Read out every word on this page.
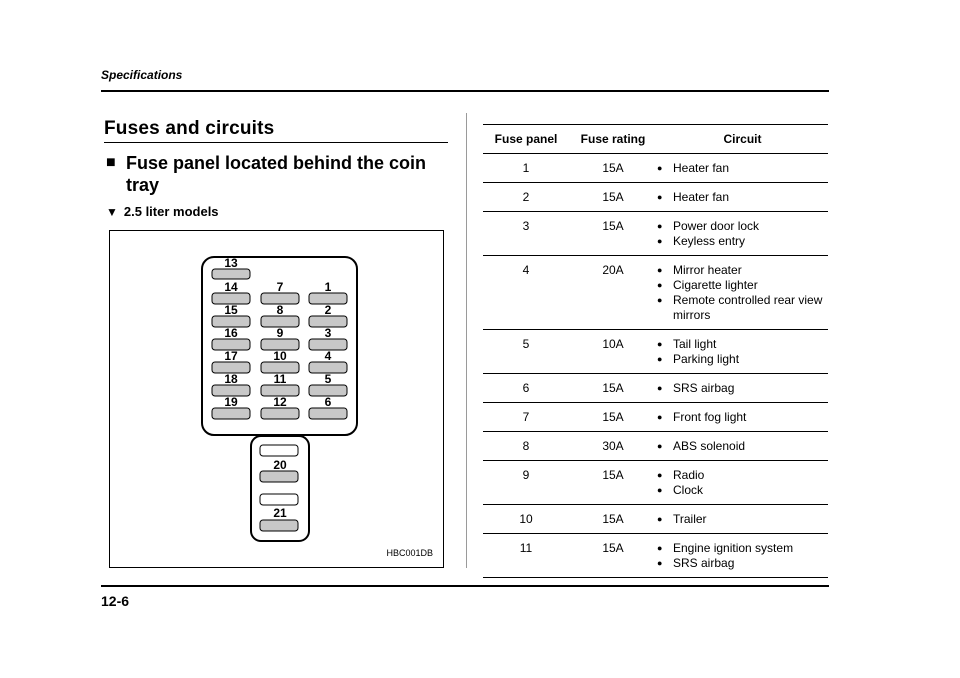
Specifications
Fuses and circuits
■ Fuse panel located behind the coin tray
▼ 2.5 liter models
13
14
15
16
17
18
19
7
8
9
10
11
12
1
2
3
4
5
6
20
21
HBC001DB
Fuse panel	Fuse rating	Circuit
1	15A	● Heater fan

2	15A	● Heater fan

3	15A	● Power door lock
● Keyless entry

4	20A	● Mirror heater
● Cigarette lighter
● Remote controlled rear view mirrors

5	10A	● Tail light
● Parking light

6	15A	● SRS airbag

7	15A	● Front fog light

8	30A	● ABS solenoid

9	15A	● Radio
● Clock

10	15A	● Trailer

11	15A	● Engine ignition system
● SRS airbag
12-6
